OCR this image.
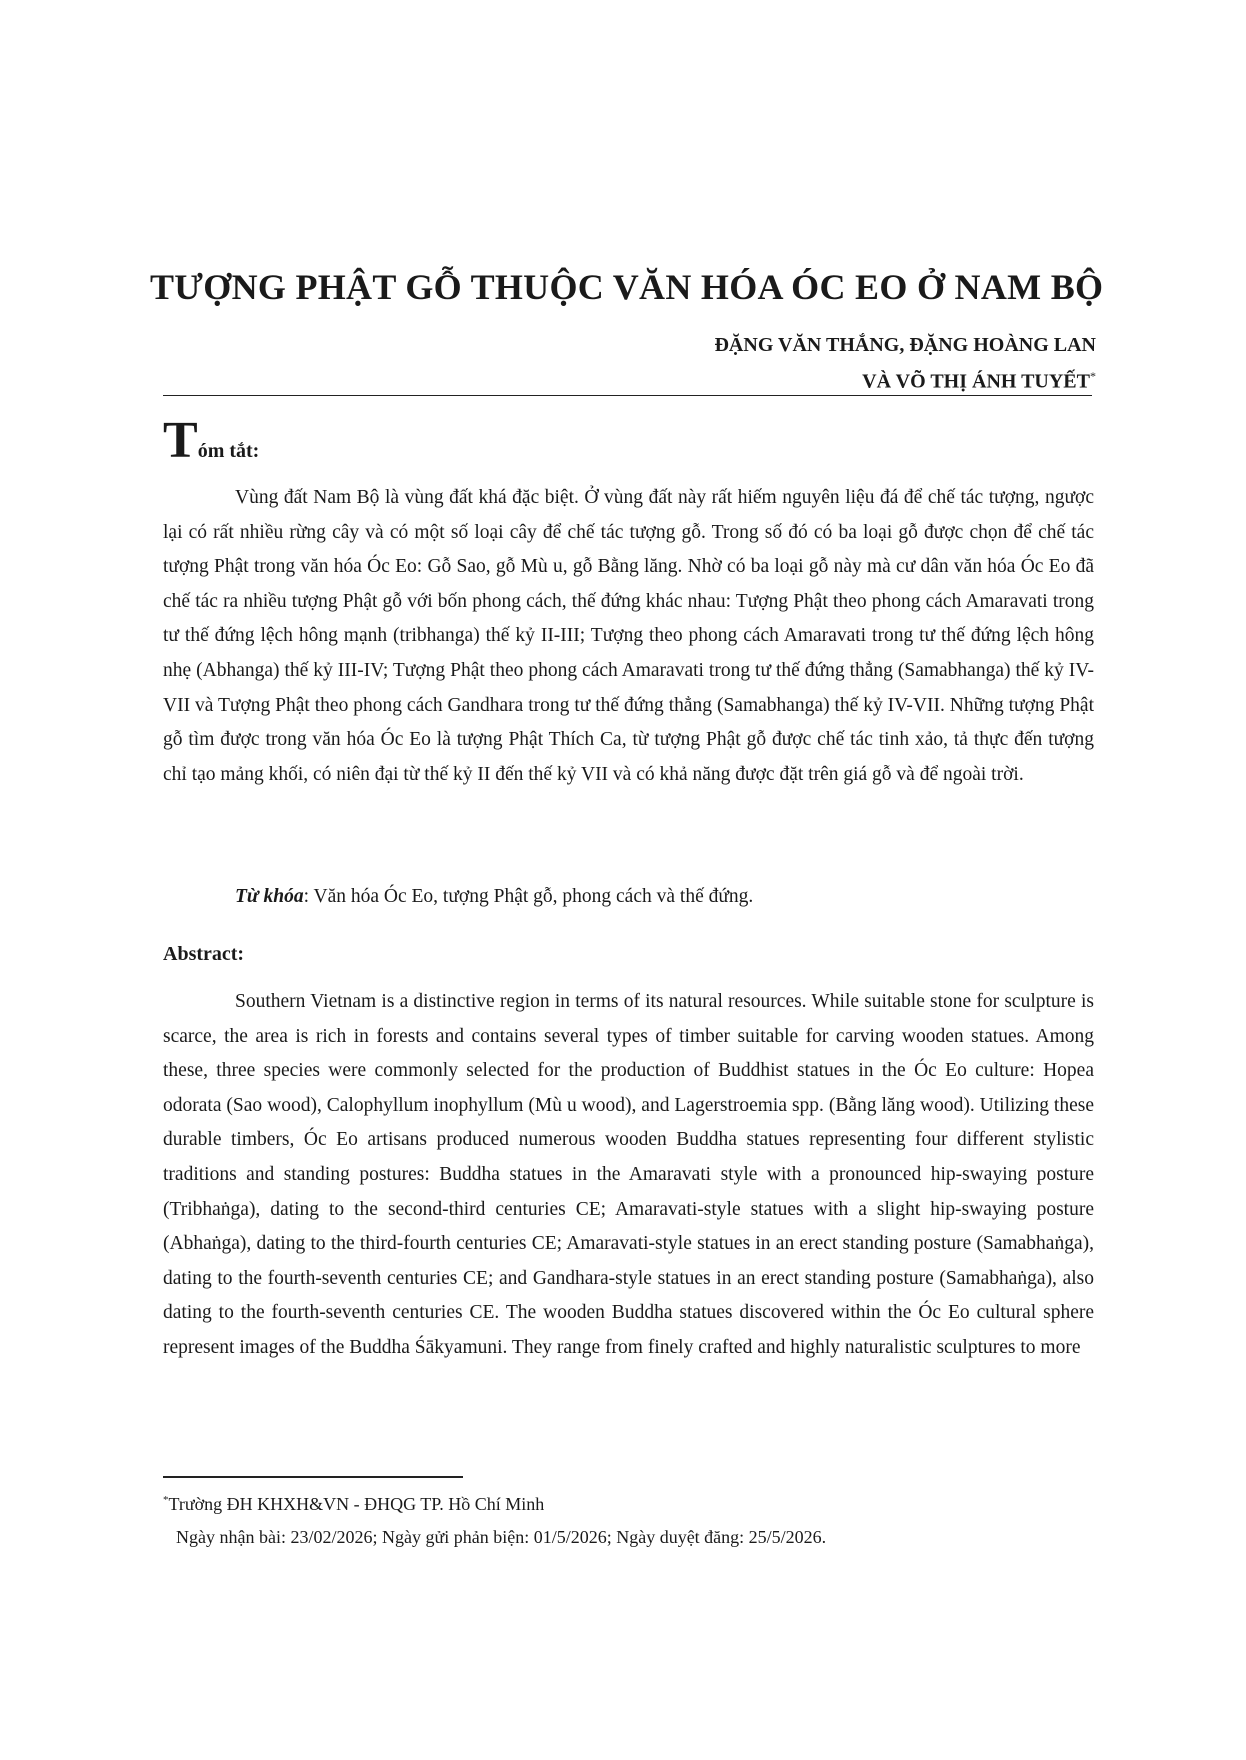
TƯỢNG PHẬT GỖ THUỘC VĂN HÓA ÓC EO Ở NAM BỘ
ĐẶNG VĂN THẮNG, ĐẶNG HOÀNG LAN
VÀ VÕ THỊ ÁNH TUYẾT*
Tóm tắt:

Vùng đất Nam Bộ là vùng đất khá đặc biệt. Ở vùng đất này rất hiếm nguyên liệu đá để chế tác tượng, ngược lại có rất nhiều rừng cây và có một số loại cây để chế tác tượng gỗ. Trong số đó có ba loại gỗ được chọn để chế tác tượng Phật trong văn hóa Óc Eo: Gỗ Sao, gỗ Mù u, gỗ Bằng lăng. Nhờ có ba loại gỗ này mà cư dân văn hóa Óc Eo đã chế tác ra nhiều tượng Phật gỗ với bốn phong cách, thế đứng khác nhau: Tượng Phật theo phong cách Amaravati trong tư thế đứng lệch hông mạnh (tribhanga) thế kỷ II-III; Tượng theo phong cách Amaravati trong tư thế đứng lệch hông nhẹ (Abhanga) thế kỷ III-IV; Tượng Phật theo phong cách Amaravati trong tư thế đứng thẳng (Samabhanga) thế kỷ IV-VII và Tượng Phật theo phong cách Gandhara trong tư thế đứng thẳng (Samabhanga) thế kỷ IV-VII. Những tượng Phật gỗ tìm được trong văn hóa Óc Eo là tượng Phật Thích Ca, từ tượng Phật gỗ được chế tác tinh xảo, tả thực đến tượng chỉ tạo mảng khối, có niên đại từ thế kỷ II đến thế kỷ VII và có khả năng được đặt trên giá gỗ và để ngoài trời.

Từ khóa: Văn hóa Óc Eo, tượng Phật gỗ, phong cách và thế đứng.

Abstract:

Southern Vietnam is a distinctive region in terms of its natural resources. While suitable stone for sculpture is scarce, the area is rich in forests and contains several types of timber suitable for carving wooden statues. Among these, three species were commonly selected for the production of Buddhist statues in the Óc Eo culture: Hopea odorata (Sao wood), Calophyllum inophyllum (Mù u wood), and Lagerstroemia spp. (Bằng lăng wood). Utilizing these durable timbers, Óc Eo artisans produced numerous wooden Buddha statues representing four different stylistic traditions and standing postures: Buddha statues in the Amaravati style with a pronounced hip-swaying posture (Tribhaṅga), dating to the second-third centuries CE; Amaravati-style statues with a slight hip-swaying posture (Abhaṅga), dating to the third-fourth centuries CE; Amaravati-style statues in an erect standing posture (Samabhaṅga), dating to the fourth-seventh centuries CE; and Gandhara-style statues in an erect standing posture (Samabhaṅga), also dating to the fourth-seventh centuries CE. The wooden Buddha statues discovered within the Óc Eo cultural sphere represent images of the Buddha Śākyamuni. They range from finely crafted and highly naturalistic sculptures to more

*Trường ĐH KHXH&VN - ĐHQG TP. Hồ Chí Minh
Ngày nhận bài: 23/02/2026; Ngày gửi phản biện: 01/5/2026; Ngày duyệt đăng: 25/5/2026.
